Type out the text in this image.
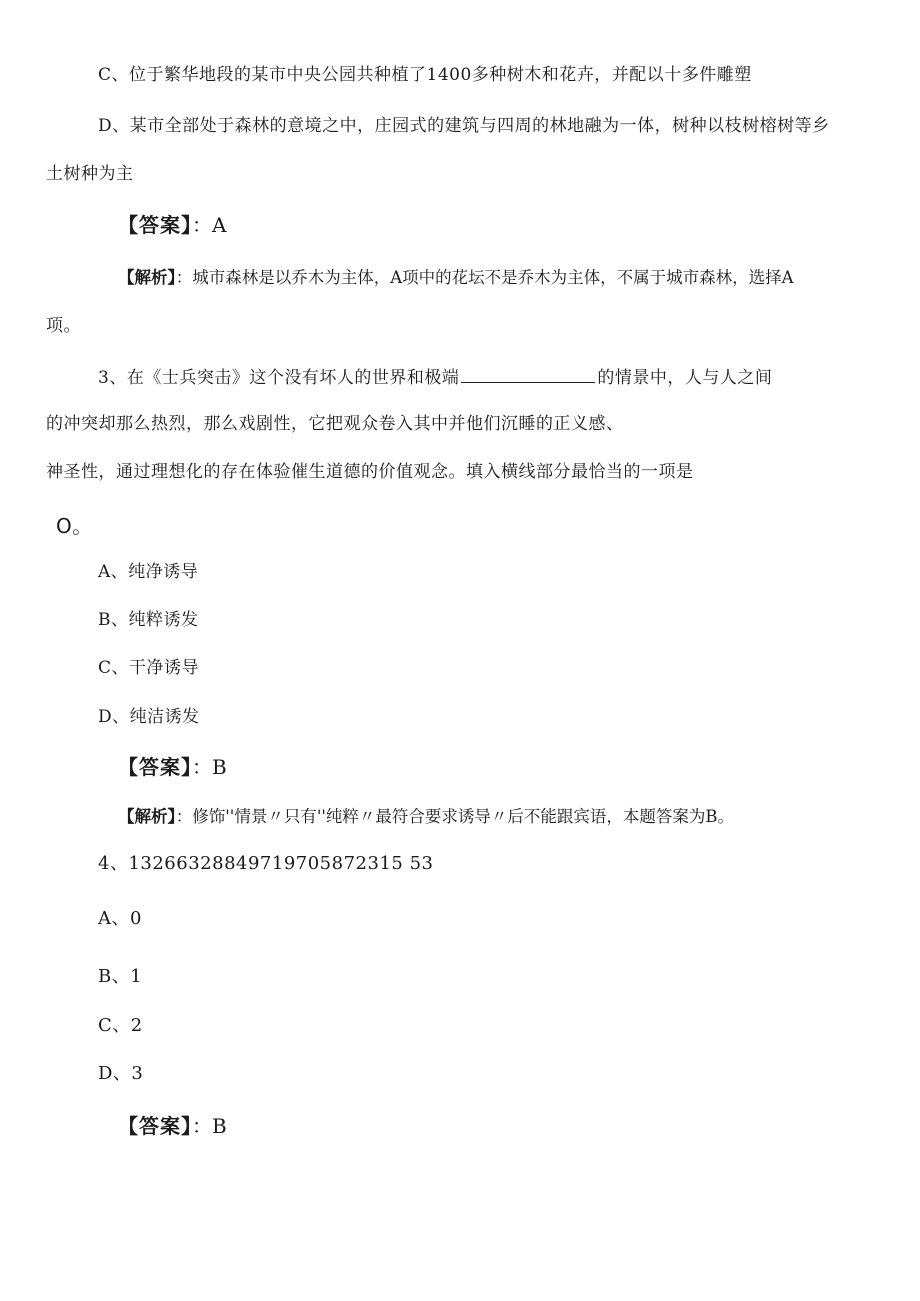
C、位于繁华地段的某市中央公园共种植了1400多种树木和花卉，并配以十多件雕塑
D、某市全部处于森林的意境之中，庄园式的建筑与四周的林地融为一体，树种以枝树榕树等乡
土树种为主
【答案】：A
【解析】：城市森林是以乔木为主体，A项中的花坛不是乔木为主体，不属于城市森林，选择A
项。
3、在《士兵突击》这个没有坏人的世界和极端	的情景中，人与人之间
的冲突却那么热烈，那么戏剧性，它把观众卷入其中并他们沉睡的正义感、
神圣性，通过理想化的存在体验催生道德的价值观念。填入横线部分最恰当的一项是
O。
A、纯净诱导
B、纯粹诱发
C、干净诱导
D、纯洁诱发
【答案】：B
【解析】：修饰''情景〃只有''纯粹〃最符合要求诱导〃后不能跟宾语，本题答案为B。
4、13266328849719705872315 53
A、0
B、1
C、2
D、3
【答案】：B
